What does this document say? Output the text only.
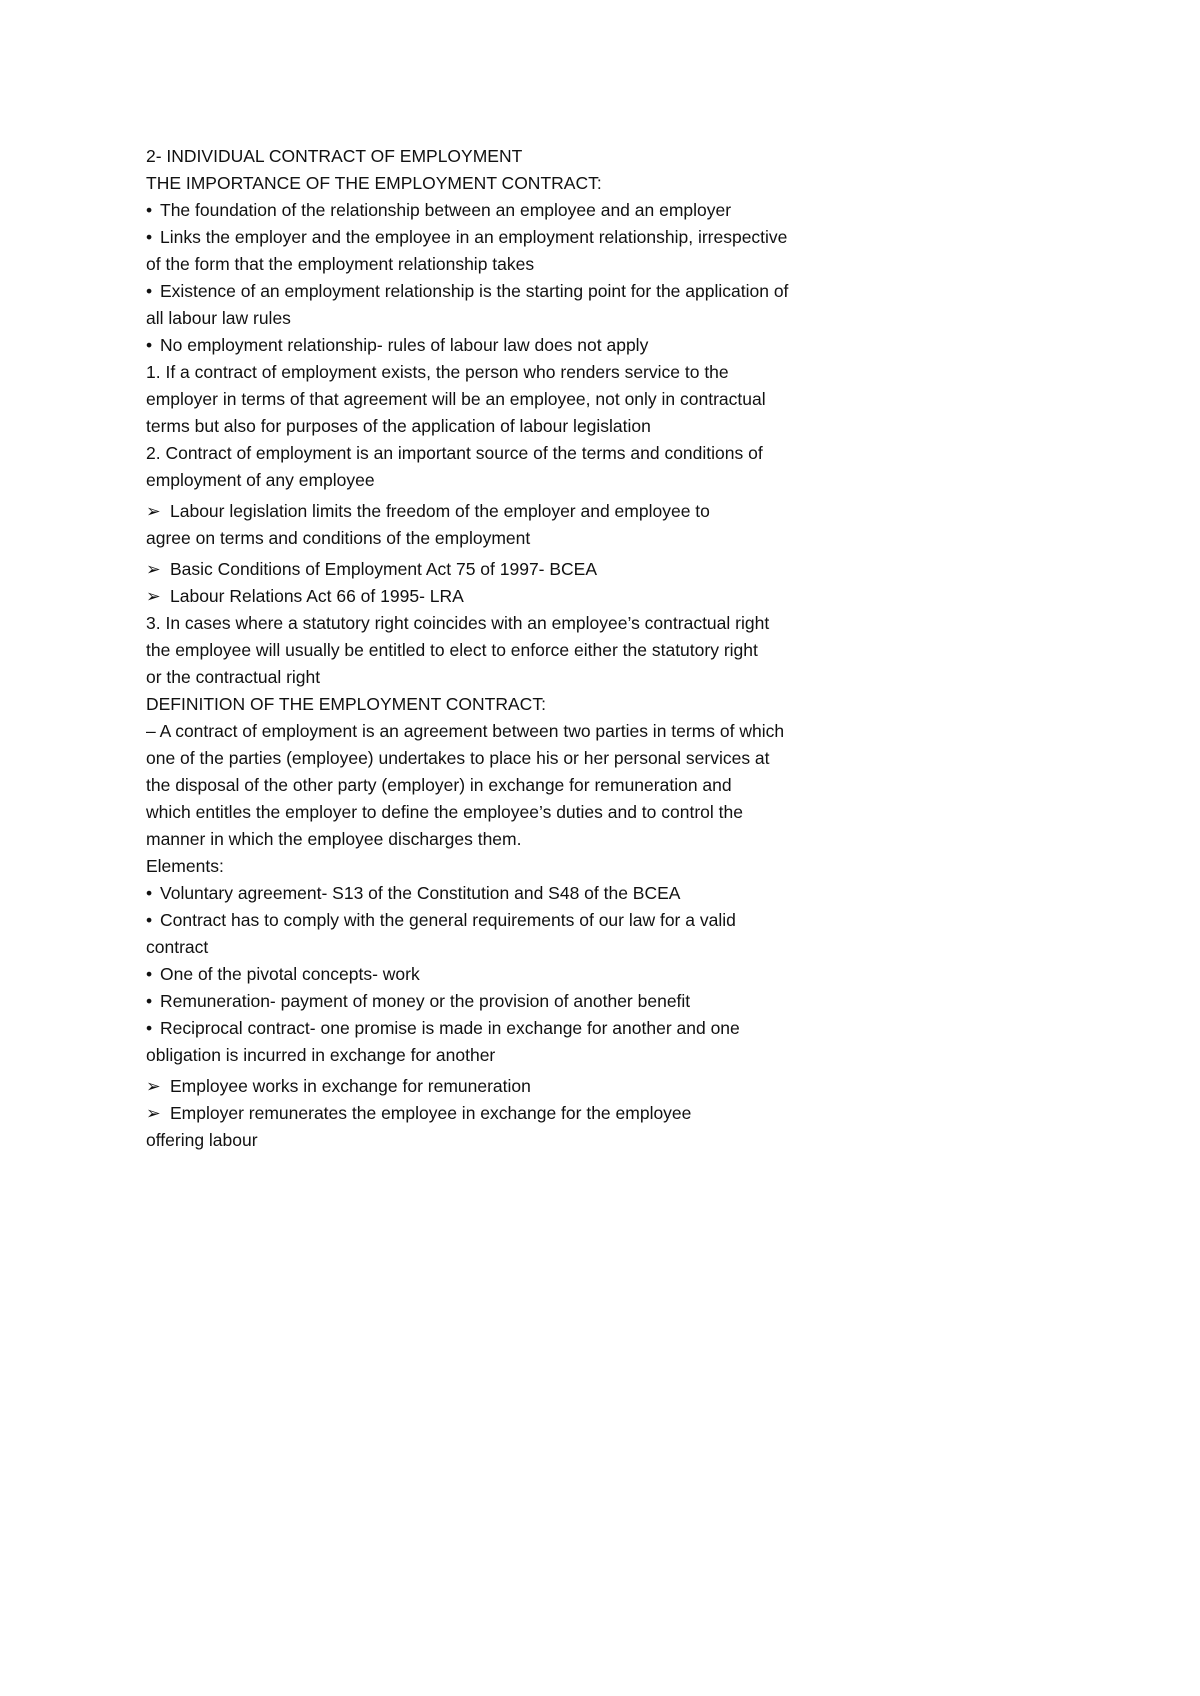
2- INDIVIDUAL CONTRACT OF EMPLOYMENT
THE IMPORTANCE OF THE EMPLOYMENT CONTRACT:
• The foundation of the relationship between an employee and an employer
• Links the employer and the employee in an employment relationship, irrespective
of the form that the employment relationship takes
• Existence of an employment relationship is the starting point for the application of
all labour law rules
• No employment relationship- rules of labour law does not apply
1. If a contract of employment exists, the person who renders service to the
employer in terms of that agreement will be an employee, not only in contractual
terms but also for purposes of the application of labour legislation
2. Contract of employment is an important source of the terms and conditions of
employment of any employee
➢ Labour legislation limits the freedom of the employer and employee to
agree on terms and conditions of the employment
➢ Basic Conditions of Employment Act 75 of 1997- BCEA
➢ Labour Relations Act 66 of 1995- LRA
3. In cases where a statutory right coincides with an employee’s contractual right
the employee will usually be entitled to elect to enforce either the statutory right
or the contractual right
DEFINITION OF THE EMPLOYMENT CONTRACT:
– A contract of employment is an agreement between two parties in terms of which
one of the parties (employee) undertakes to place his or her personal services at
the disposal of the other party (employer) in exchange for remuneration and
which entitles the employer to define the employee’s duties and to control the
manner in which the employee discharges them.
Elements:
• Voluntary agreement- S13 of the Constitution and S48 of the BCEA
• Contract has to comply with the general requirements of our law for a valid
contract
• One of the pivotal concepts- work
• Remuneration- payment of money or the provision of another benefit
• Reciprocal contract- one promise is made in exchange for another and one
obligation is incurred in exchange for another
➢ Employee works in exchange for remuneration
➢ Employer remunerates the employee in exchange for the employee
offering labour
